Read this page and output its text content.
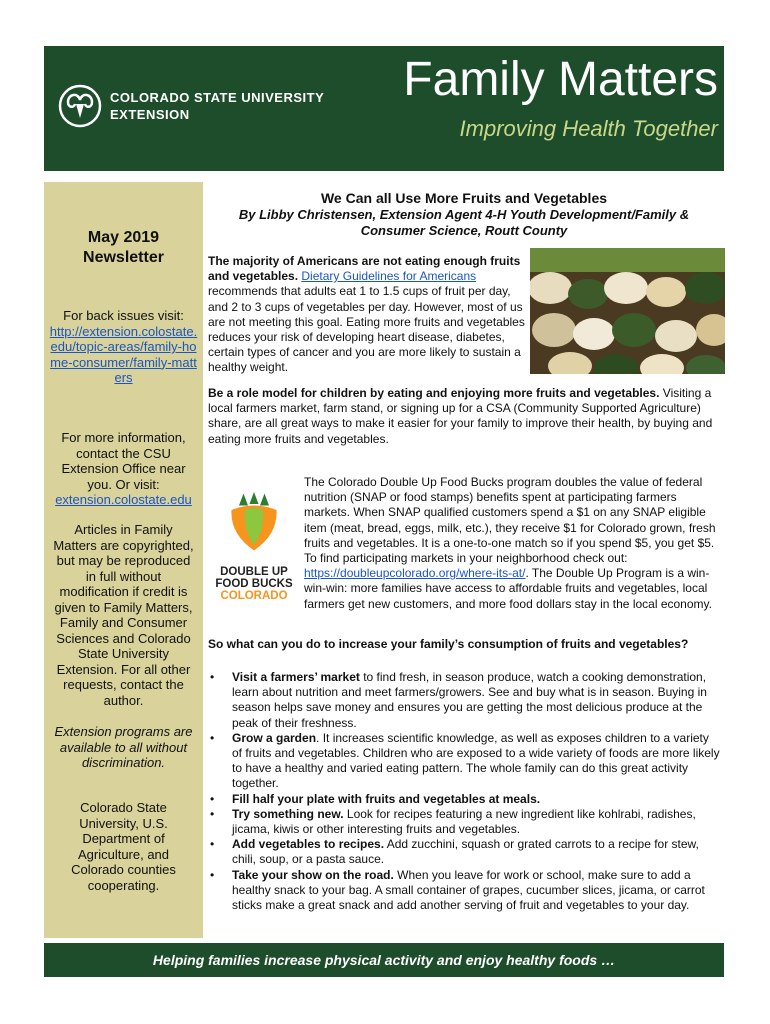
COLORADO STATE UNIVERSITY
EXTENSION
Family Matters
Improving Health Together
May 2019 Newsletter
For back issues visit:
http://extension.colostate.edu/topic-areas/family-home-consumer/family-matters
For more information, contact the CSU Extension Office near you. Or visit: extension.colostate.edu
Articles in Family Matters are copyrighted, but may be reproduced in full without modification if credit is given to Family Matters, Family and Consumer Sciences and Colorado State University Extension. For all other requests, contact the author.
Extension programs are available to all without discrimination.
Colorado State University, U.S. Department of Agriculture, and Colorado counties cooperating.
We Can all Use More Fruits and Vegetables
By Libby Christensen, Extension Agent 4-H Youth Development/Family & Consumer Science, Routt County

The majority of Americans are not eating enough fruits and vegetables. Dietary Guidelines for Americans recommends that adults eat 1 to 1.5 cups of fruit per day, and 2 to 3 cups of vegetables per day. However, most of us are not meeting this goal. Eating more fruits and vegetables reduces your risk of developing heart disease, diabetes, certain types of cancer and you are more likely to sustain a healthy weight.

Be a role model for children by eating and enjoying more fruits and vegetables. Visiting a local farmers market, farm stand, or signing up for a CSA (Community Supported Agriculture) share, are all great ways to make it easier for your family to improve their health, by buying and eating more fruits and vegetables.

DOUBLE UP
FOOD BUCKS
COLORADO

The Colorado Double Up Food Bucks program doubles the value of federal nutrition (SNAP or food stamps) benefits spent at participating farmers markets. When SNAP qualified customers spend a $1 on any SNAP eligible item (meat, bread, eggs, milk, etc.), they receive $1 for Colorado grown, fresh fruits and vegetables. It is a one-to-one match so if you spend $5, you get $5. To find participating markets in your neighborhood check out: https://doubleupcolorado.org/where-its-at/. The Double Up Program is a win-win-win: more families have access to affordable fruits and vegetables, local farmers get new customers, and more food dollars stay in the local economy.

So what can you do to increase your family’s consumption of fruits and vegetables?

• Visit a farmers’ market to find fresh, in season produce, watch a cooking demonstration, learn about nutrition and meet farmers/growers. See and buy what is in season. Buying in season helps save money and ensures you are getting the most delicious produce at the peak of their freshness.
• Grow a garden. It increases scientific knowledge, as well as exposes children to a variety of fruits and vegetables. Children who are exposed to a wide variety of foods are more likely to have a healthy and varied eating pattern. The whole family can do this great activity together.
• Fill half your plate with fruits and vegetables at meals.
• Try something new. Look for recipes featuring a new ingredient like kohlrabi, radishes, jicama, kiwis or other interesting fruits and vegetables.
• Add vegetables to recipes. Add zucchini, squash or grated carrots to a recipe for stew, chili, soup, or a pasta sauce.
• Take your show on the road. When you leave for work or school, make sure to add a healthy snack to your bag. A small container of grapes, cucumber slices, jicama, or carrot sticks make a great snack and add another serving of fruit and vegetables to your day.
Helping families increase physical activity and enjoy healthy foods …
